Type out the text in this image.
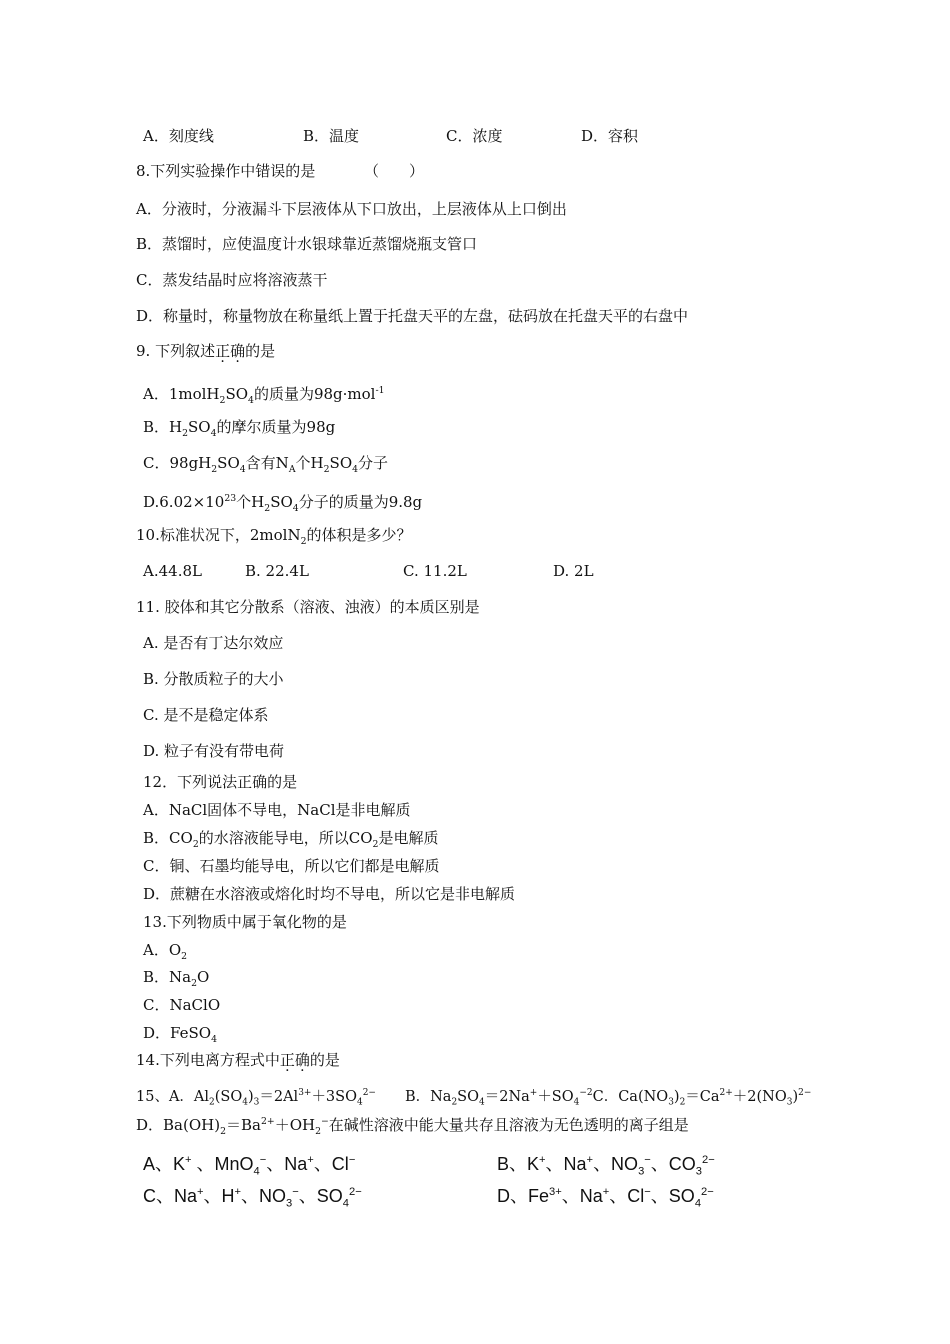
A．刻度线	B．温度	C．浓度	D．容积
8.下列实验操作中错误的是	（　　）
A．分液时，分液漏斗下层液体从下口放出，上层液体从上口倒出
B．蒸馏时，应使温度计水银球靠近蒸馏烧瓶支管口
C．蒸发结晶时应将溶液蒸干
D．称量时，称量物放在称量纸上置于托盘天平的左盘，砝码放在托盘天平的右盘中
9. 下列叙述正确的是
A．$1molH_2SO_4$的质量为98g·mol$^{-1}$
B．$H_2SO_4$的摩尔质量为98g
C．$98gH_2SO_4$含有$N_A$个$H_2SO_4$分子
$D.6.02\times 10^{23}$个$H_2SO_4$分子的质量为9.8g
10.标准状况下，2molN$_2$的体积是多少？
A.44.8L	B. 22.4L	C. 11.2L	D. 2L
11. 胶体和其它分散系（溶液、浊液）的本质区别是
A. 是否有丁达尔效应
B. 分散质粒子的大小
C. 是不是稳定体系
D. 粒子有没有带电荷
12．下列说法正确的是
A．NaCl固体不导电，NaCl是非电解质
B．$CO_2$的水溶液能导电，所以$CO_2$是电解质
C．铜、石墨均能导电，所以它们都是电解质
D．蔗糖在水溶液或熔化时均不导电，所以它是非电解质
13.下列物质中属于氧化物的是
A．$O_2$
B．$Na_2O$
C．NaClO
D．FeSO$_4$
14.下列电离方程式中正确的是
15、A．$Al_2(SO_4)_3=2Al^{3+}+3SO_4^{2-}$　　B．$Na_2SO_4=2Na^++SO_4^{-2}C$．$Ca(NO_3)_2=Ca^{2+}+2(NO_3)^{2-}$
D．$Ba(OH)_2=Ba^{2+}+OH_2^-$在碱性溶液中能大量共存且溶液为无色透明的离子组是
A、K+ 、MnO$_4$−、Na+、Cl−	B、K+、Na+、$NO_3^-$、$CO_3^{2-}$
C、Na+、H+、$NO_3^-$、$SO_4^{2-}$	D、$Fe^{3+}$、Na+、Cl−、$SO_4^{2-}$
